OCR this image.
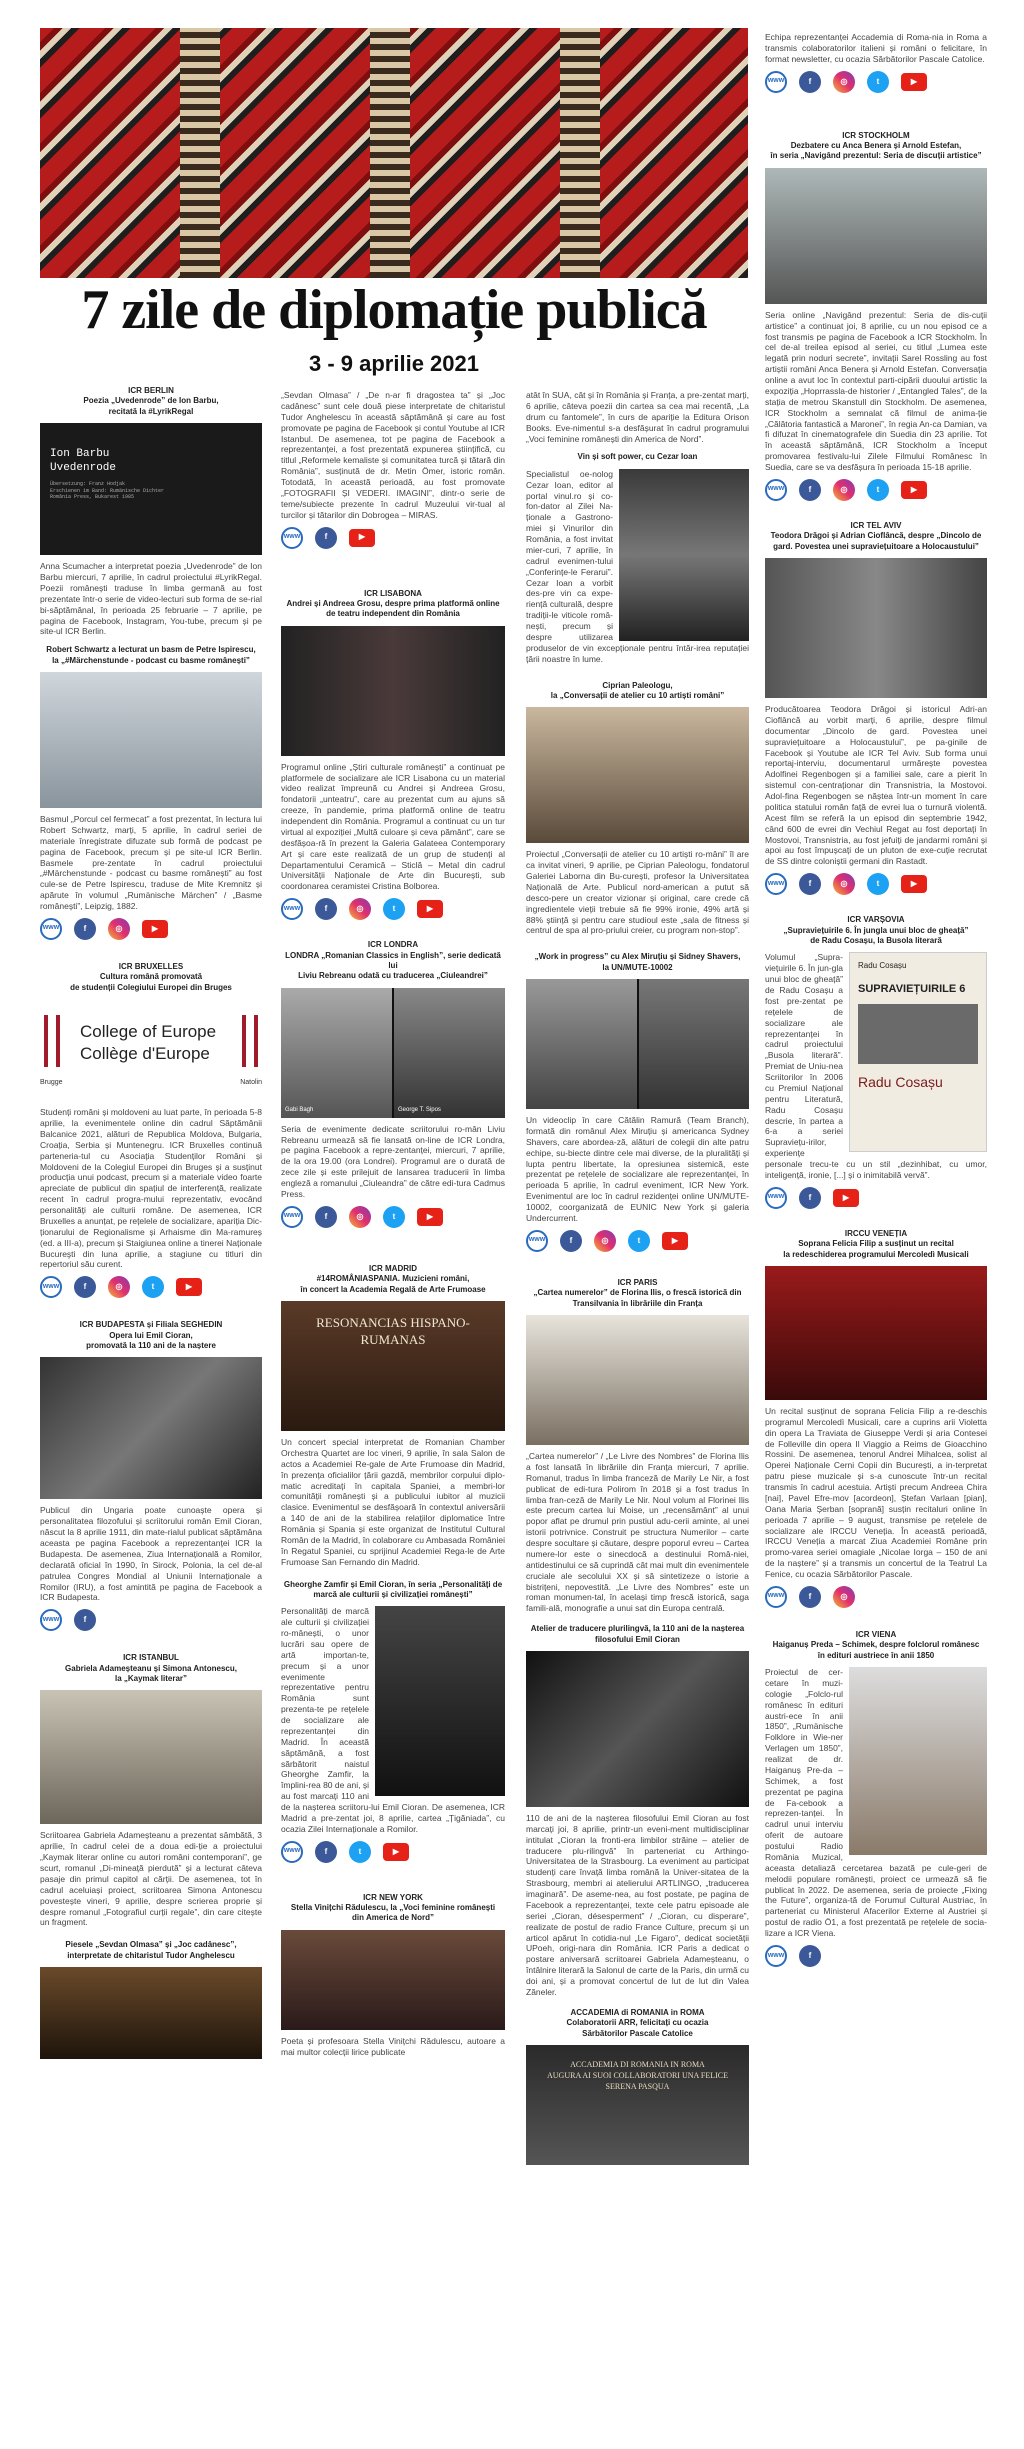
7 zile de diplomație publică
3 - 9 aprilie 2021
ICR BERLIN
Poezia „Uvedenrode” de Ion Barbu,
recitată la #LyrikRegal
Ion Barbu
Uvedenrode
Übersetzung: Franz Hodjak
Erschienen im Band: Rumänische Dichter
România Press, Bukarest 1985

Anna Scumacher a interpretat poezia „Uvedenrode” de Ion Barbu miercuri, 7 aprilie, în cadrul proiectului #LyrikRegal. Poezii românești traduse în limba germană au fost prezentate într-o serie de video-lecturi sub forma de se-rial bi-săptămânal, în perioada 25 februarie – 7 aprilie, pe pagina de Facebook, Instagram, You-tube, precum și pe site-ul ICR Berlin.

Robert Schwartz a lecturat un basm de Petre Ispirescu,
la „#Märchenstunde - podcast cu basme românești”

Basmul „Porcul cel fermecat” a fost prezentat, în lectura lui Robert Schwartz, marți, 5 aprilie, în cadrul seriei de materiale înregistrate difuzate sub formă de podcast pe pagina de Facebook, precum și pe site-ul ICR Berlin. Basmele pre-zentate în cadrul proiectului „#Märchenstunde - podcast cu basme românești” au fost cule-se de Petre Ispirescu, traduse de Mite Kremnitz și apărute în volumul „Rumänische Märchen” / „Basme românești”, Leipzig, 1882.

www	f	◎	▶
ICR BRUXELLES
Cultura română promovată
de studenții Colegiului Europei din Bruges
College of Europe
Collège d'Europe
Brugge	Natolin

Studenți români și moldoveni au luat parte, în perioada 5-8 aprilie, la evenimentele online din cadrul Săptămânii Balcanice 2021, alături de Republica Moldova, Bulgaria, Croația, Serbia și Muntenegru. ICR Bruxelles continuă parteneria-tul cu Asociația Studenților Români și Moldoveni de la Colegiul Europei din Bruges și a susținut producția unui podcast, precum și a materiale video foarte apreciate de publicul din spațiul de interferență, realizate recent în cadrul progra-mului reprezentativ, evocând personalități ale culturii române. De asemenea, ICR Bruxelles a anunțat, pe rețelele de socializare, apariția Dic-ționarului de Regionalisme și Arhaisme din Ma-ramureș (ed. a III-a), precum și Staigiunea online a tinerei Naționale Bucureşti din luna aprilie, a stagiune cu titluri din repertoriul său curent.

www	f	◎	t	▶
ICR BUDAPESTA și Filiala SEGHEDIN
Opera lui Emil Cioran,
promovată la 110 ani de la naștere

Publicul din Ungaria poate cunoaște opera și personalitatea filozofului și scriitorului român Emil Cioran, născut la 8 aprilie 1911, din mate-rialul publicat săptămâna aceasta pe pagina Facebook a reprezentanței ICR la Budapesta. De asemenea, Ziua Internațională a Romilor, declarată oficial în 1990, în Sirock, Polonia, la cel de-al patrulea Congres Mondial al Uniunii Internaționale a Romilor (IRU), a fost amintită pe pagina de Facebook a ICR Budapesta.

www	f
ICR ISTANBUL
Gabriela Adameșteanu și Simona Antonescu,
la „Kaymak literar”

Scriitoarea Gabriela Adameșteanu a prezentat sâmbătă, 3 aprilie, în cadrul celei de a doua edi-ție a proiectului „Kaymak literar online cu autori români contemporani”, ge scurt, romanul „Di-mineață pierdută” și a lecturat câteva pasaje din primul capitol al cărții. De asemenea, tot în cadrul aceluiași proiect, scriitoarea Simona Antonescu povestește vineri, 9 aprilie, despre scrierea proprie și despre romanul „Fotografiul curții regale”, din care citește un fragment.

Piesele „Sevdan Olmasa” și „Joc cadânesc”,
interpretate de chitaristul Tudor Anghelescu

„Sevdan Olmasa” / „De n-ar fi dragostea ta” și „Joc cadânesc” sunt cele două piese interpretate de chitaristul Tudor Anghelescu în această săptămână și care au fost promovate pe pagina de Facebook și contul Youtube al ICR Istanbul. De asemenea, tot pe pagina de Facebook a reprezentanței, a fost prezentată expunerea științifică, cu titlul „Reformele kemaliste și comunitatea turcă și tătară din România”, susținută de dr. Metin Ömer, istoric român. Totodată, în această perioadă, au fost promovate „FOTOGRAFII ȘI VEDERI. IMAGINI”, dintr-o serie de teme/subiecte prezente în cadrul Muzeului vir-tual al turcilor și tătarilor din Dobrogea – MIRAS.

www	f	▶
ICR LISABONA
Andrei și Andreea Grosu, despre prima platformă online
de teatru independent din România

Programul online „Știri culturale românești” a continuat pe platformele de socializare ale ICR Lisabona cu un material video realizat împreună cu Andrei și Andreea Grosu, fondatorii „unteatru”, care au prezentat cum au ajuns să creeze, în pandemie, prima platformă online de teatru independent din România. Programul a continuat cu un tur virtual al expoziției „Multă culoare și ceva pământ”, care se desfășoa-ră în prezent la Galeria Galateea Contemporary Art și care este realizată de un grup de studenți al Departamentului Ceramică – Sticlă – Metal din cadrul Universității Naționale de Arte din București, sub coordonarea ceramistei Cristina Bolborea.

www	f	◎	t	▶
ICR LONDRA
LONDRA „Romanian Classics in English”, serie dedicată lui
Liviu Rebreanu odată cu traducerea „Ciuleandrei”
Gabi Bagh	George T. Sipos

Seria de evenimente dedicate scriitorului ro-mân Liviu Rebreanu urmează să fie lansată on-line de ICR Londra, pe pagina Facebook a repre-zentanței, miercuri, 7 aprilie, de la ora 19.00 (ora Londrei). Programul are o durată de zece zile și este prilejuit de lansarea traducerii în limba engleză a romanului „Ciuleandra” de către edi-tura Cadmus Press.

www	f	◎	t	▶
ICR MADRID
#14ROMÂNIASPANIA. Muzicieni români,
în concert la Academia Regală de Arte Frumoase
RESONANCIAS HISPANO-RUMANAS

Un concert special interpretat de Romanian Chamber Orchestra Quartet are loc vineri, 9 aprilie, în sala Salon de actos a Academiei Re-gale de Arte Frumoase din Madrid, în prezența oficialilor țării gazdă, membrilor corpului diplo-matic acreditați în capitala Spaniei, a membri-lor comunității românești și a publicului iubitor al muzicii clasice. Evenimentul se desfășoară în contextul aniversării a 140 de ani de la stabilirea relațiilor diplomatice între România și Spania și este organizat de Institutul Cultural Român de la Madrid, în colaborare cu Ambasada României în Regatul Spaniei, cu sprijinul Academiei Rega-le de Arte Frumoase San Fernando din Madrid.

Gheorghe Zamfir și Emil Cioran, în seria „Personalități de
marcă ale culturii și civilizației românești”

Personalități de marcă ale culturii și civilizației ro-mânești, o unor lucrări sau opere de artă importan-te, precum și a unor evenimente reprezentative pentru România sunt prezenta-te pe rețelele de socializare ale reprezentanței din Madrid. În această săptămână, a fost sărbătorit naistul Gheorghe Zamfir, la împlini-rea 80 de ani, și au fost marcați 110 ani de la nașterea scriitoru-lui Emil Cioran. De asemenea, ICR Madrid a pre-zentat joi, 8 aprilie, cartea „Țigăniada”, cu ocazia Zilei Internaționale a Romilor.

www	f	t	▶
ICR NEW YORK
Stella Vinițchi Rădulescu, la „Voci feminine românești
din America de Nord”

Poeta și profesoara Stella Vinițchi Rădulescu, autoare a mai multor colecții lirice publicate

atât în SUA, cât și în România și Franța, a pre-zentat marți, 6 aprilie, câteva poezii din cartea sa cea mai recentă, „La drum cu fantomele”, în curs de apariție la Editura Orison Books. Eve-nimentul s-a desfășurat în cadrul programului „Voci feminine românești din America de Nord”.

Vin și soft power, cu Cezar Ioan

Specialistul oe-nolog Cezar Ioan, editor al portal vinul.ro și co-fon-dator al Zilei Na-ționale a Gastrono-miei și Vinurilor din România, a fost invitat mier-curi, 7 aprilie, în cadrul evenimen-tului „Conferințe-le Ferarui”. Cezar Ioan a vorbit des-pre vin ca expe-riență culturală, despre tradiții-le viticole româ-nești, precum și despre utilizarea produselor de vin excepționale pentru întăr-irea reputației țării noastre în lume.

Ciprian Paleologu,
la „Conversații de atelier cu 10 artiști români”

Proiectul „Conversații de atelier cu 10 artiști ro-mâni” îl are ca invitat vineri, 9 aprilie, pe Ciprian Paleologu, fondatorul Galeriei Laborna din Bu-curești, profesor la Universitatea Națională de Arte. Publicul nord-american a putut să desco-pere un creator vizionar și original, care crede că ingredientele vieții trebuie să fie 99% ironie, 49% artă și 88% știință și pentru care studioul este „sala de fitness și centrul de spa al pro-priului creier, cu program non-stop”.

„Work in progress” cu Alex Miruțiu și Sidney Shavers,
la UN/MUTE-10002

Un videoclip în care Cătălin Ramură (Team Branch), formată din românul Alex Miruțiu și americanca Sydney Shavers, care abordea-ză, alături de colegii din alte patru echipe, su-biecte dintre cele mai diverse, de la pluralități și lupta pentru libertate, la opresiunea sistemică, este prezentat pe rețelele de socializare ale reprezentanței, în perioada 5 aprilie, în cadrul eveniment, ICR New York. Evenimentul are loc în cadrul rezidenței online UN/MUTE-10002, coorganizată de EUNIC New York și galeria Undercurrent.

www	f	◎	t	▶
ICR PARIS
„Cartea numerelor” de Florina Ilis, o frescă istorică din
Transilvania în librăriile din Franța

„Cartea numerelor” / „Le Livre des Nombres” de Florina Ilis a fost lansată în librăriile din Franța miercuri, 7 aprilie. Romanul, tradus în limba franceză de Marily Le Nir, a fost publicat de edi-tura Polirom în 2018 și a fost tradus în limba fran-ceză de Marily Le Nir. Noul volum al Florinei Ilis este precum cartea lui Moise, un „recensământ” al unui popor aflat pe drumul prin pustiul adu-cerii aminte, al unei istorii potrivnice. Construit pe structura Numerilor – carte despre socultare și căutare, despre poporul evreu – Cartea numere-lor este o sinecdocă a destinului Româ-niei, antidestinului ce să cuprindă cât mai mult din evenimentele cruciale ale secolului XX și să sintetizeze o istorie a bistrițeni, nepovestită. „Le Livre des Nombres” este un roman monumen-tal, în același timp frescă istorică, saga famili-ală, monografie a unui sat din Europa centrală.

Atelier de traducere plurilingvă, la 110 ani de la nașterea
filosofului Emil Cioran

110 de ani de la nașterea filosofului Emil Cioran au fost marcați joi, 8 aprilie, printr-un eveni-ment multidisciplinar intitulat „Cioran la fronti-era limbilor străine – atelier de traducere plu-rilingvă” în parteneriat cu Arthingo-Universitatea de la Strasbourg. La eveniment au participat studenți care învață limba română la Univer-sitatea de la Strasbourg, membri ai atelierului ARTLINGO, „traducerea imaginară”. De aseme-nea, au fost postate, pe pagina de Facebook a reprezentanței, texte cele patru episoade ale seriei „Cioran, désesperment” / „Cioran, cu disperare”, realizate de postul de radio France Culture, precum și un articol apărut în cotidia-nul „Le Figaro”, dedicat societății UPoeh, origi-nara din România. ICR Paris a dedicat o postare aniversară scriitoarei Gabriela Adameșteanu, o întâlnire literară la Salonul de carte de la Paris, din urmă cu doi ani, și a promovat concertul de lut de lut din Valea Zăneler.

ACCADEMIA di ROMANIA in ROMA
Colaboratorii ARR, felicitați cu ocazia
Sărbătorilor Pascale Catolice
ACCADEMIA DI ROMANIA IN ROMA
AUGURA AI SUOI COLLABORATORI UNA FELICE SERENA PASQUA

Echipa reprezentanței Accademia di Roma-nia in Roma a transmis colaboratorilor italieni și români o felicitare, în format newsletter, cu ocazia Sărbătorilor Pascale Catolice.

www	f	◎	t	▶
ICR STOCKHOLM
Dezbatere cu Anca Benera și Arnold Estefan,
în seria „Navigând prezentul: Seria de discuții artistice”

Seria online „Navigând prezentul: Seria de dis-cuții artistice” a continuat joi, 8 aprilie, cu un nou episod ce a fost transmis pe pagina de Facebook a ICR Stockholm. În cel de-al treilea episod al seriei, cu titlul „Lumea este legată prin noduri secrete”, invitații Sarel Rossling au fost artiștii români Anca Benera și Arnold Estefan. Conversația online a avut loc în contextul parti-cipării duoului artistic la expoziția „Hoprrassla-de historier / „Entangled Tales”, de la stația de metrou Skanstull din Stockholm. De asemenea, ICR Stockholm a semnalat că filmul de anima-ție „Călătoria fantastică a Maronei”, în regia An-ca Damian, va fi difuzat în cinematografele din Suedia din 23 aprilie. Tot în această săptămână, ICR Stockholm a început promovarea festivalu-lui Zilele Filmului Românesc în Suedia, care se va desfășura în perioada 15-18 aprilie.

www	f	◎	t	▶
ICR TEL AVIV
Teodora Drăgoi și Adrian Cioflâncă, despre „Dincolo de
gard. Povestea unei supraviețuitoare a Holocaustului”

Producătoarea Teodora Drăgoi și istoricul Adri-an Cioflâncă au vorbit marți, 6 aprilie, despre filmul documentar „Dincolo de gard. Povestea unei supraviețuitoare a Holocaustului”, pe pa-ginile de Facebook și Youtube ale ICR Tel Aviv. Sub forma unui reportaj-interviu, documentarul urmărește povestea Adolfinei Regenbogen și a familiei sale, care a pierit în sistemul con-centraționar din Transnistria, la Mostovoi. Adol-fina Regenbogen se năștea într-un moment în care politica statului român față de evrei lua o turnură violentă. Acest film se referă la un episod din septembrie 1942, când 600 de evrei din Vechiul Regat au fost deportați în Mostovoi, Transnistria, au fost jefuiți de jandarmi români și apoi au fost împușcați de un pluton de exe-cuție recrutat de SS dintre coloniștii germani din Rastadt.

www	f	◎	t	▶
ICR VARȘOVIA
„Supraviețuirile 6. În jungla unui bloc de gheață”
de Radu Cosașu, la Busola literară
Radu Cosașu
SUPRAVIEȚUIRILE 6
Radu Cosașu

Volumul „Supra-viețuirile 6. În jun-gla unui bloc de gheață” de Radu Cosașu a fost pre-zentat pe rețelele de socializare ale reprezentanței în cadrul proiectului „Busola literară”. Premiat de Uniu-nea Scriitorilor în 2006 cu Premiul Național pentru Literatură, Radu Cosașu descrie, în partea a 6-a a seriei Supraviețu-irilor, experiențe personale trecu-te cu un stil „dezinhibat, cu umor, inteligență, ironie, [...] și o inimitabilă vervă”.

www	f	▶
IRCCU VENEȚIA
Soprana Felicia Filip a susținut un recital
la redeschiderea programului Mercoledì Musicali

Un recital susținut de soprana Felicia Filip a re-deschis programul Mercoledì Musicali, care a cuprins arii Violetta din opera La Traviata de Giuseppe Verdi și aria Contesei de Folleville din opera Il Viaggio a Reims de Gioacchino Rossini. De asemenea, tenorul Andrei Mihalcea, solist al Operei Naționale Cerni Copii din București, a in-terpretat patru piese muzicale și s-a cunoscute într-un recital transmis în cadrul acestuia. Artiști precum Andreea Chira [nai], Pavel Efre-mov [acordeon], Ștefan Varlaan [pian], Oana Maria Șerban [soprană] susțin recitaluri online în perioada 7 aprilie – 9 august, transmise pe rețelele de socializare ale IRCCU Veneția. În această perioadă, IRCCU Veneția a marcat Ziua Academiei Române prin promo-varea seriei omagiale „Nicolae Iorga – 150 de ani de la naștere” și a transmis un concertul de la Teatrul La Fenice, cu ocazia Sărbătorilor Pascale.

www	f	◎
ICR VIENA
Haiganuș Preda – Schimek, despre folclorul românesc
în edituri austriece în anii 1850

Proiectul de cer-cetare în muzi-cologie „Folclo-rul românesc în edituri austri-ece în anii 1850”, „Rumänische Folklore in Wie-ner Verlagen um 1850”, realizat de dr. Haiganuș Pre-da – Schimek, a fost prezentat pe pagina de Fa-cebook a reprezen-tanței. În cadrul unui interviu oferit de autoare postului Radio România Muzical, aceasta detaliază cercetarea bazată pe cule-geri de melodii populare românești, proiect ce urmează să fie publicat în 2022. De asemenea, seria de proiecte „Fixing the Future”, organiza-tă de Forumul Cultural Austriac, în parteneriat cu Ministerul Afacerilor Externe al Austriei și postul de radio Ö1, a fost prezentată pe rețelele de socia-lizare a ICR Viena.

www	f
